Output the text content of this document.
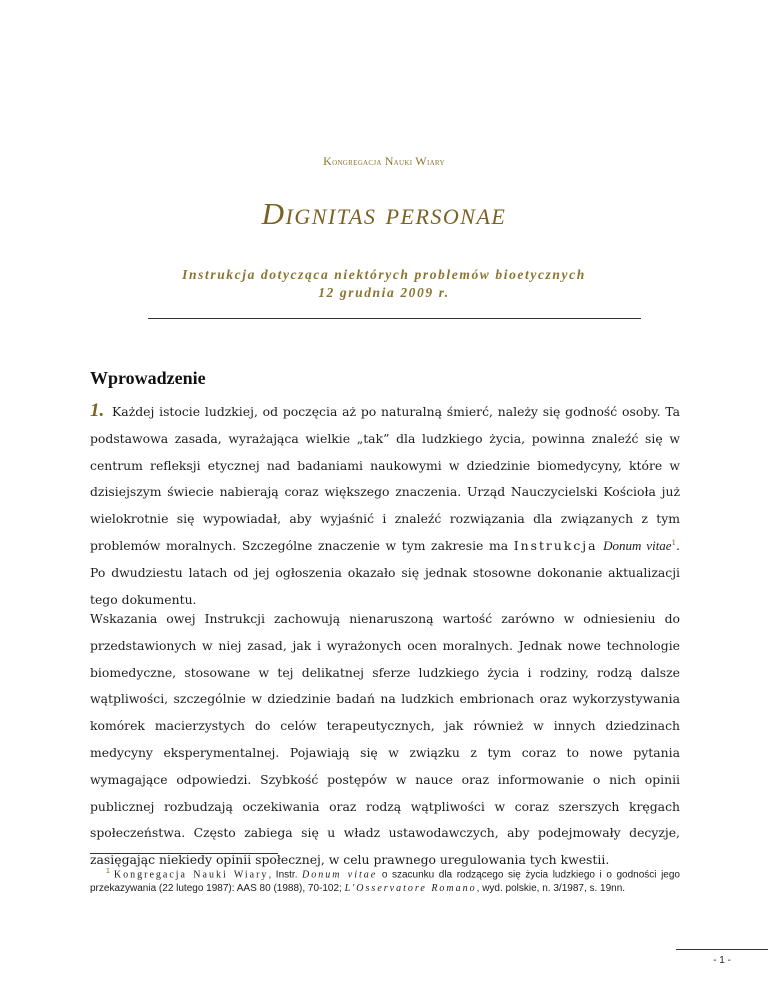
Kongregacja Nauki Wiary
Dignitas personae
Instrukcja dotycząca niektórych problemów bioetycznych
12 grudnia 2009 r.
Wprowadzenie
1. Każdej istocie ludzkiej, od poczęcia aż po naturalną śmierć, należy się godność osoby. Ta podstawowa zasada, wyrażająca wielkie „tak” dla ludzkiego życia, powinna znaleźć się w centrum refleksji etycznej nad badaniami naukowymi w dziedzinie biomedycyny, które w dzisiejszym świecie nabierają coraz większego znaczenia. Urząd Nauczycielski Kościoła już wielokrotnie się wypowiadał, aby wyjaśnić i znaleźć rozwiązania dla związanych z tym problemów moralnych. Szczególne znaczenie w tym zakresie ma Instrukcja Donum vitae$^1$. Po dwudziestu latach od jej ogłoszenia okazało się jednak stosowne dokonanie aktualizacji tego dokumentu.
Wskazania owej Instrukcji zachowują nienaruszoną wartość zarówno w odniesieniu do przedstawionych w niej zasad, jak i wyrażonych ocen moralnych. Jednak nowe technologie biomedyczne, stosowane w tej delikatnej sferze ludzkiego życia i rodziny, rodzą dalsze wątpliwości, szczególnie w dziedzinie badań na ludzkich embrionach oraz wykorzystywania komórek macierzystych do celów terapeutycznych, jak również w innych dziedzinach medycyny eksperymentalnej. Pojawiają się w związku z tym coraz to nowe pytania wymagające odpowiedzi. Szybkość postępów w nauce oraz informowanie o nich opinii publicznej rozbudzają oczekiwania oraz rodzą wątpliwości w coraz szerszych kręgach społeczeństwa. Często zabiega się u władz ustawodawczych, aby podejmowały decyzje, zasięgając niekiedy opinii społecznej, w celu prawnego uregulowania tych kwestii.
$^1$ Kongregacja Nauki Wiary, Instr. Donum vitae o szacunku dla rodzącego się życia ludzkiego i o godności jego przekazywania (22 lutego 1987): AAS 80 (1988), 70-102; L'Osservatore Romano, wyd. polskie, n. 3/1987, s. 19nn.
- 1 -
